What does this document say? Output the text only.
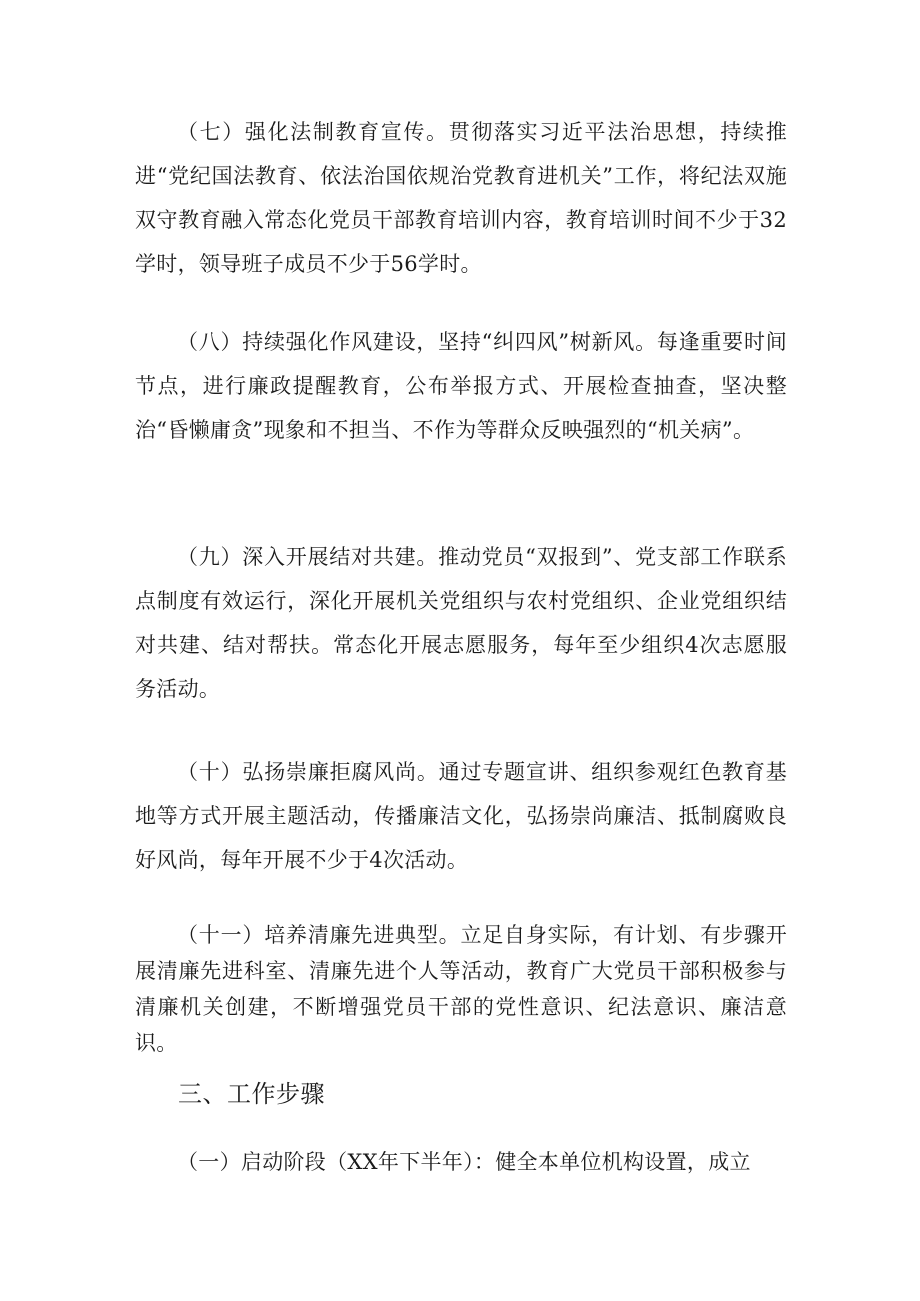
（七）强化法制教育宣传。贯彻落实习近平法治思想，持续推进“党纪国法教育、依法治国依规治党教育进机关”工作，将纪法双施双守教育融入常态化党员干部教育培训内容，教育培训时间不少于32学时，领导班子成员不少于56学时。

（八）持续强化作风建设，坚持“纠四风”树新风。每逢重要时间节点，进行廉政提醒教育，公布举报方式、开展检查抽查，坚决整治“昏懒庸贪”现象和不担当、不作为等群众反映强烈的“机关病”。

（九）深入开展结对共建。推动党员“双报到”、党支部工作联系点制度有效运行，深化开展机关党组织与农村党组织、企业党组织结对共建、结对帮扶。常态化开展志愿服务，每年至少组织4次志愿服务活动。

（十）弘扬崇廉拒腐风尚。通过专题宣讲、组织参观红色教育基地等方式开展主题活动，传播廉洁文化，弘扬崇尚廉洁、抵制腐败良好风尚，每年开展不少于4次活动。

（十一）培养清廉先进典型。立足自身实际，有计划、有步骤开展清廉先进科室、清廉先进个人等活动，教育广大党员干部积极参与清廉机关创建，不断增强党员干部的党性意识、纪法意识、廉洁意识。

三、工作步骤

（一）启动阶段（XX年下半年）：健全本单位机构设置，成立
